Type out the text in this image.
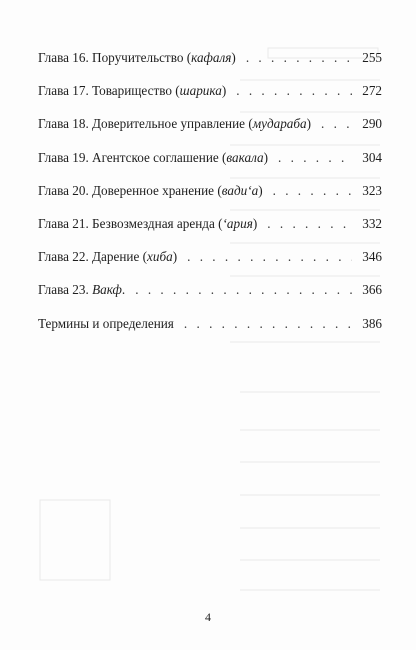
Глава 16. Поручительство (кафаля) . . .	255
Глава 17. Товарищество (шарика) . . .	272
Глава 18. Доверительное управление (мудараба) . . .	290
Глава 19. Агентское соглашение (вакала) . . .	304
Глава 20. Доверенное хранение (вади‘а) . . .	323
Глава 21. Безвозмездная аренда (‘ария) . . .	332
Глава 22. Дарение (хиба) . . .	346
Глава 23. Вакф. . . .	366
Термины и определения . . .	386
4
